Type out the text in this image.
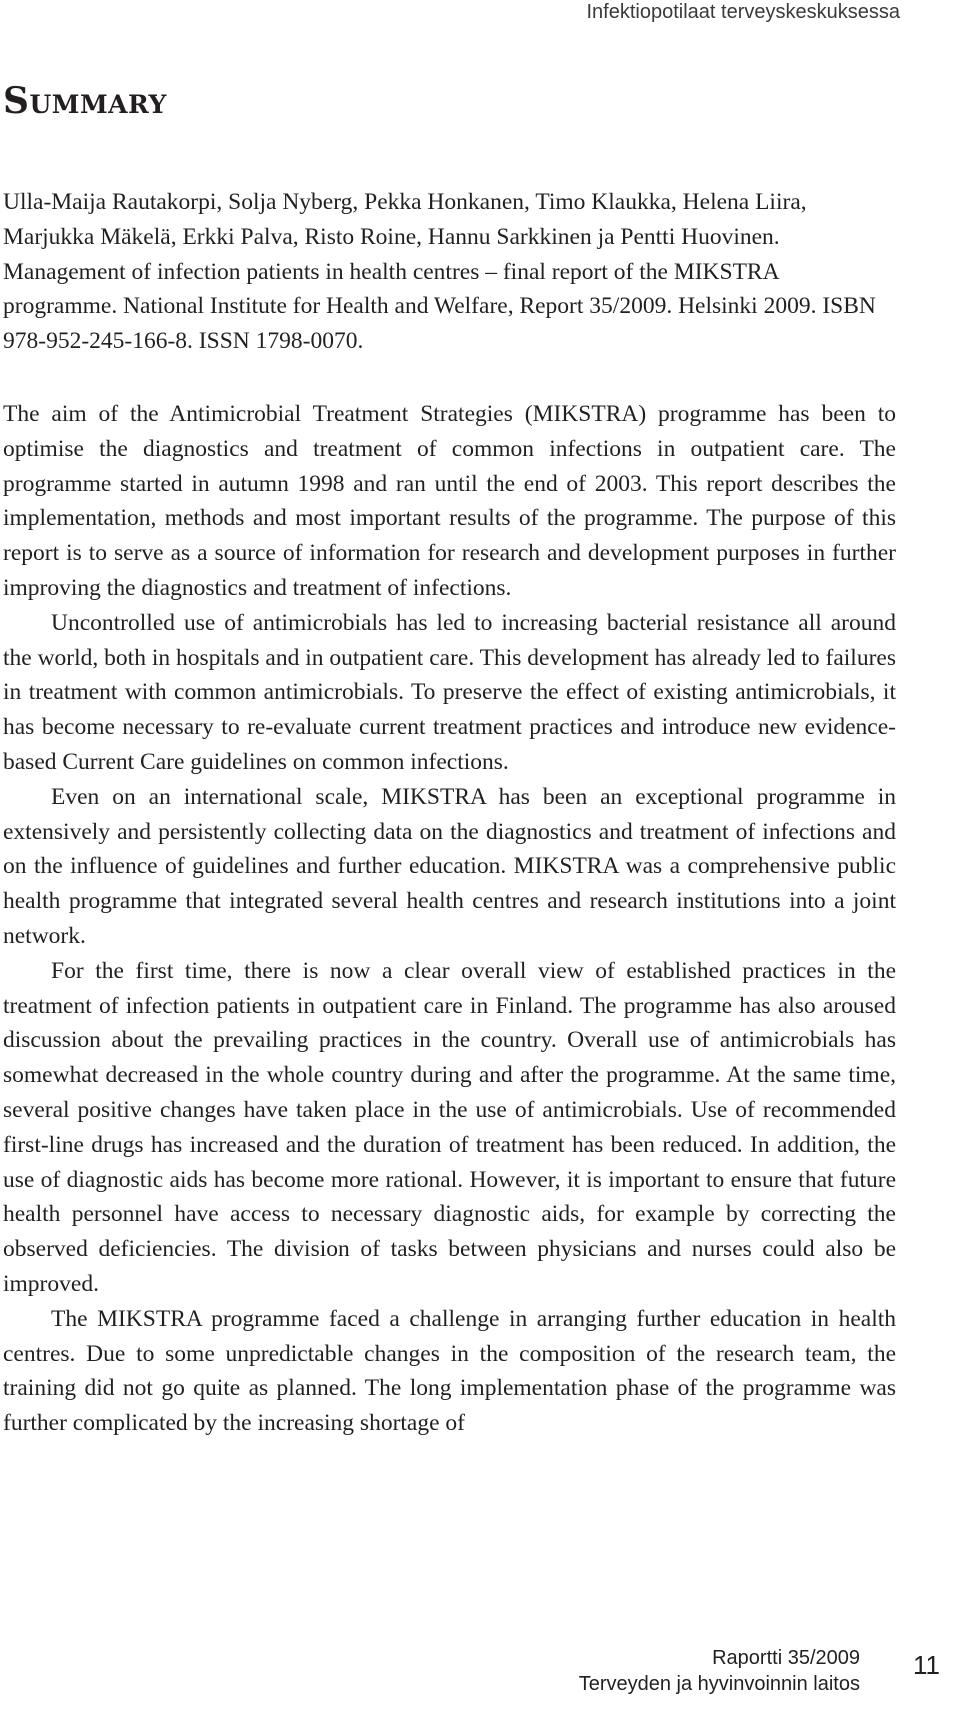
Infektiopotilaat terveyskeskuksessa
Summary

Ulla-Maija Rautakorpi, Solja Nyberg, Pekka Honkanen, Timo Klaukka, Helena Liira, Marjukka Mäkelä, Erkki Palva, Risto Roine, Hannu Sarkkinen ja Pentti Huovinen. Management of infection patients in health centres – final report of the MIKSTRA programme. National Institute for Health and Welfare, Report 35/2009. Helsinki 2009. ISBN 978-952-245-166-8. ISSN 1798-0070.

The aim of the Antimicrobial Treatment Strategies (MIKSTRA) programme has been to optimise the diagnostics and treatment of common infections in outpatient care. The programme started in autumn 1998 and ran until the end of 2003. This report describes the implementation, methods and most important results of the programme. The purpose of this report is to serve as a source of information for research and development purposes in further improving the diagnostics and treatment of infections.

Uncontrolled use of antimicrobials has led to increasing bacterial resistance all around the world, both in hospitals and in outpatient care. This development has already led to failures in treatment with common antimicrobials. To preserve the effect of existing antimicrobials, it has become necessary to re-evaluate current treatment practices and introduce new evidence-based Current Care guidelines on common infections.

Even on an international scale, MIKSTRA has been an exceptional programme in extensively and persistently collecting data on the diagnostics and treatment of infections and on the influence of guidelines and further education. MIKSTRA was a comprehensive public health programme that integrated several health centres and research institutions into a joint network.

For the first time, there is now a clear overall view of established practices in the treatment of infection patients in outpatient care in Finland. The programme has also aroused discussion about the prevailing practices in the country. Overall use of antimicrobials has somewhat decreased in the whole country during and after the programme. At the same time, several positive changes have taken place in the use of antimicrobials. Use of recommended first-line drugs has increased and the duration of treatment has been reduced. In addition, the use of diagnostic aids has become more rational. However, it is important to ensure that future health personnel have access to necessary diagnostic aids, for example by correcting the observed deficiencies. The division of tasks between physicians and nurses could also be improved.

The MIKSTRA programme faced a challenge in arranging further education in health centres. Due to some unpredictable changes in the composition of the research team, the training did not go quite as planned. The long implementation phase of the programme was further complicated by the increasing shortage of

Raportti 35/2009
Terveyden ja hyvinvoinnin laitos
11
